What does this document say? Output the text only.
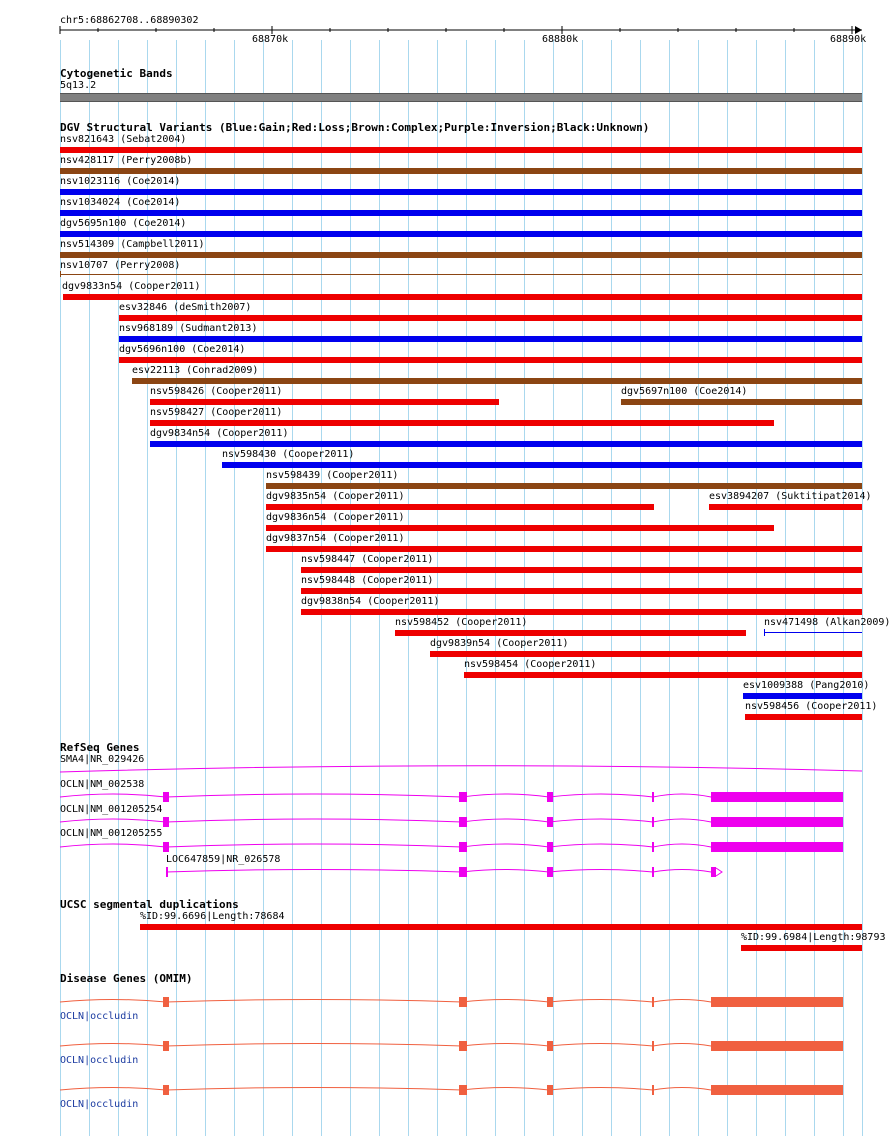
chr5:68862708..68890302
68870k	68880k	68890k
Cytogenetic Bands
5q13.2
DGV Structural Variants (Blue:Gain;Red:Loss;Brown:Complex;Purple:Inversion;Black:Unknown)
nsv821643 (Sebat2004)
nsv428117 (Perry2008b)
nsv1023116 (Coe2014)
nsv1034024 (Coe2014)
dgv5695n100 (Coe2014)
nsv514309 (Campbell2011)
nsv10707 (Perry2008)
dgv9833n54 (Cooper2011)
esv32846 (deSmith2007)
nsv968189 (Sudmant2013)
dgv5696n100 (Coe2014)
esv22113 (Conrad2009)
nsv598426 (Cooper2011)	dgv5697n100 (Coe2014)
nsv598427 (Cooper2011)
dgv9834n54 (Cooper2011)
nsv598430 (Cooper2011)
nsv598439 (Cooper2011)
dgv9835n54 (Cooper2011)	esv3894207 (Suktitipat2014)
dgv9836n54 (Cooper2011)
dgv9837n54 (Cooper2011)
nsv598447 (Cooper2011)
nsv598448 (Cooper2011)
dgv9838n54 (Cooper2011)
nsv598452 (Cooper2011)	nsv471498 (Alkan2009)
dgv9839n54 (Cooper2011)
nsv598454 (Cooper2011)
esv1009388 (Pang2010)
nsv598456 (Cooper2011)
RefSeq Genes
SMA4|NR_029426
OCLN|NM_002538
OCLN|NM_001205254
OCLN|NM_001205255
LOC647859|NR_026578
UCSC segmental duplications
%ID:99.6696|Length:78684
%ID:99.6984|Length:98793
Disease Genes (OMIM)
OCLN|occludin
OCLN|occludin
OCLN|occludin
